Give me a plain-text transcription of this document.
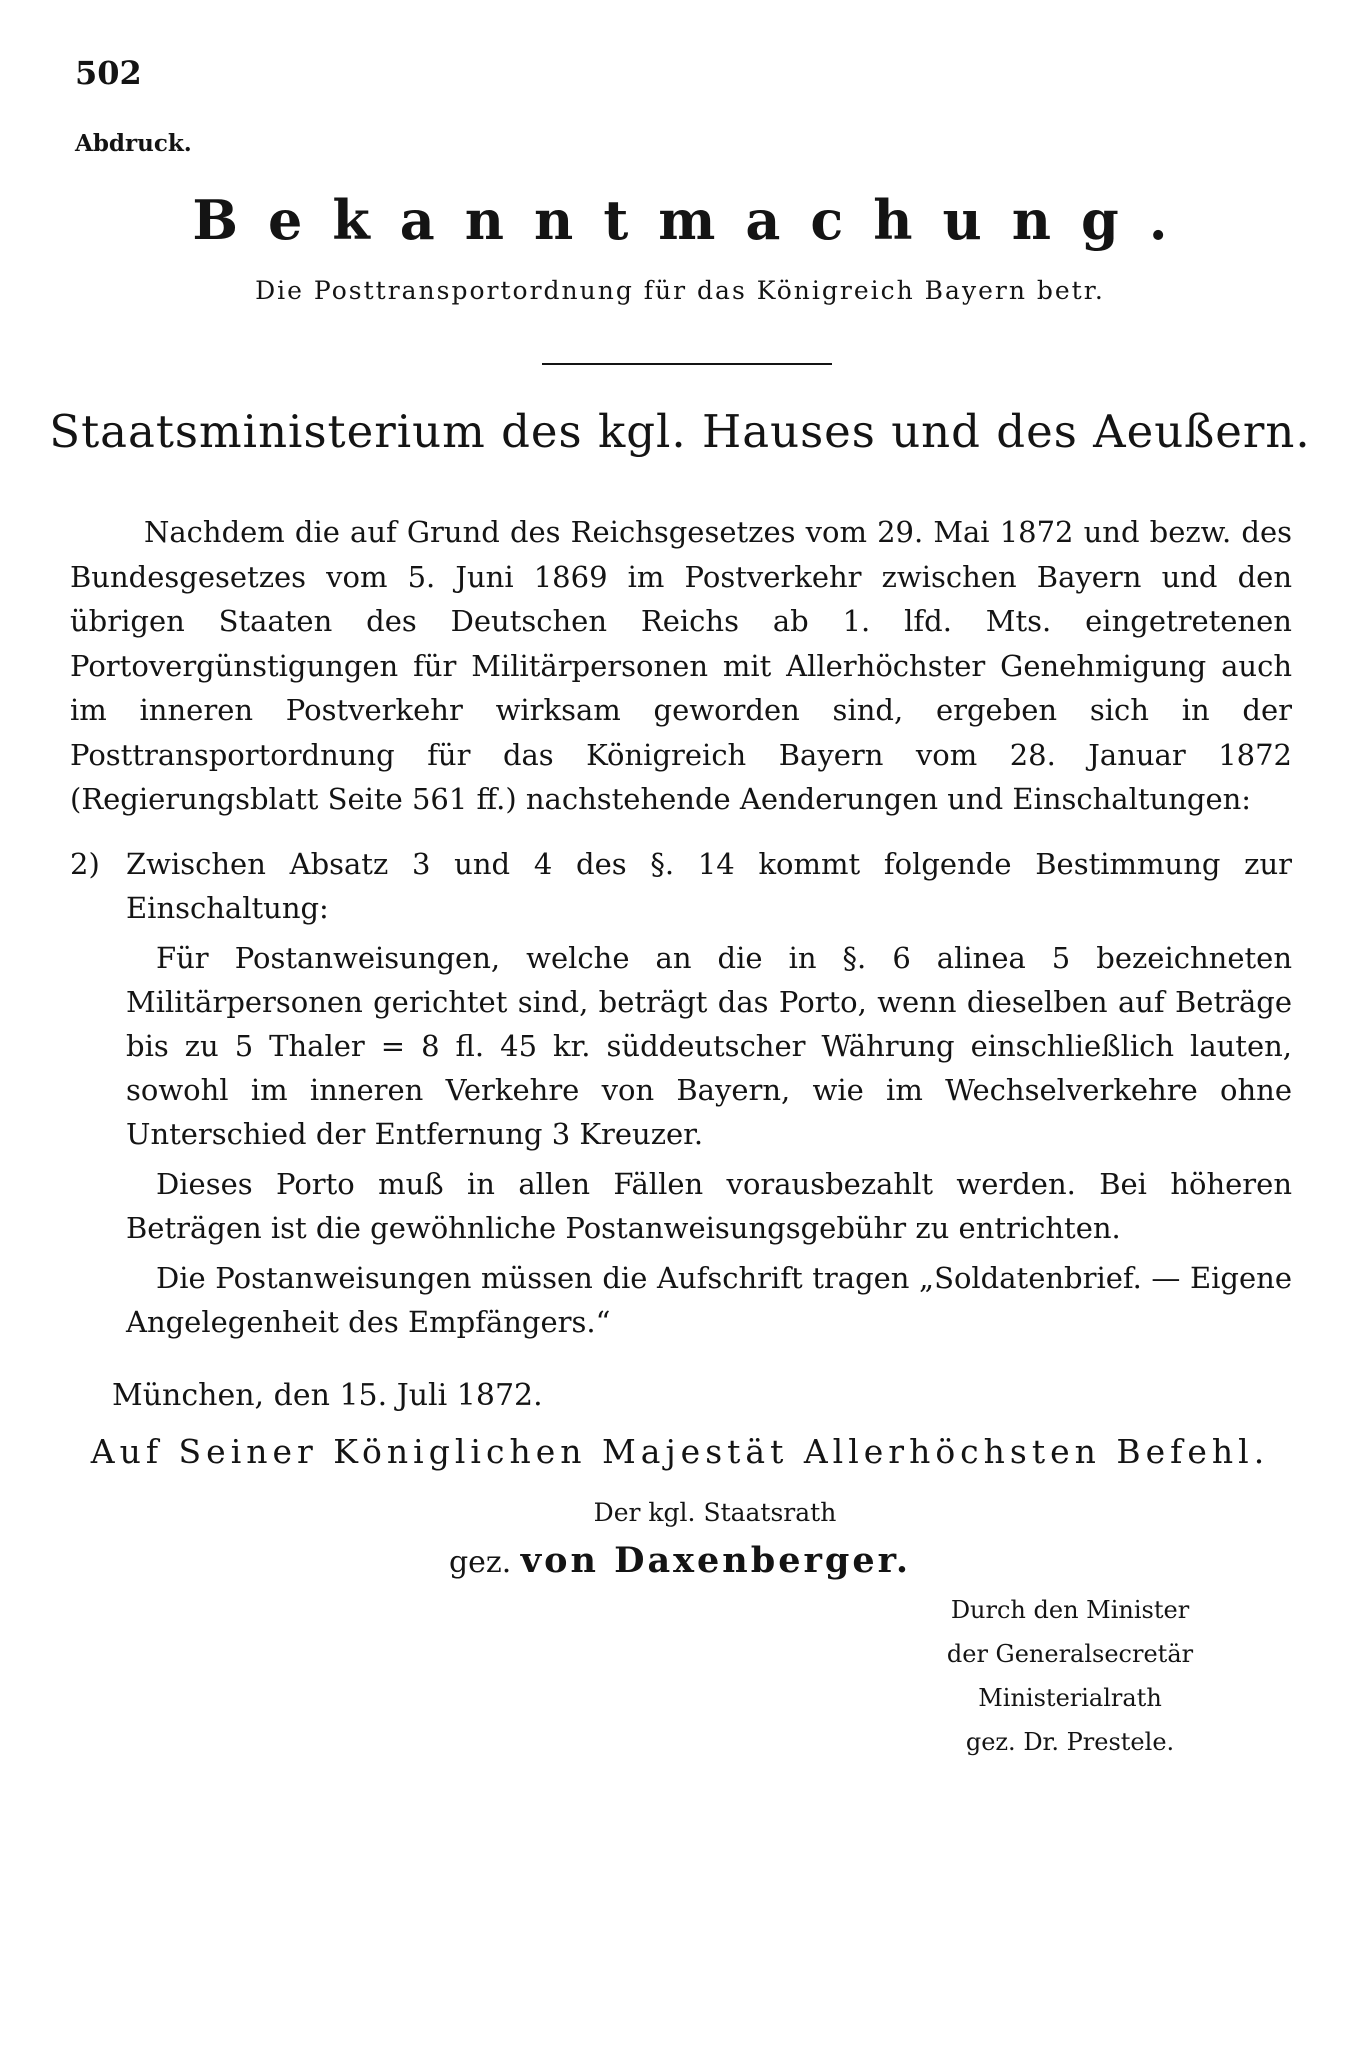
502
Abdruck.
Bekanntmachung.
Die Posttransportordnung für das Königreich Bayern betr.
Staatsministerium des kgl. Hauses und des Aeußern.

Nachdem die auf Grund des Reichsgesetzes vom 29. Mai 1872 und bezw. des Bundesgesetzes vom 5. Juni 1869 im Postverkehr zwischen Bayern und den übrigen Staaten des Deutschen Reichs ab 1. lfd. Mts. eingetretenen Portovergünstigungen für Militärpersonen mit Allerhöchster Genehmigung auch im inneren Postverkehr wirksam geworden sind, ergeben sich in der Posttransportordnung für das Königreich Bayern vom 28. Januar 1872 (Regierungsblatt Seite 561 ff.) nachstehende Aenderungen und Einschaltungen:

2) Zwischen Absatz 3 und 4 des §. 14 kommt folgende Bestimmung zur Einschaltung:

Für Postanweisungen, welche an die in §. 6 alinea 5 bezeichneten Militärpersonen gerichtet sind, beträgt das Porto, wenn dieselben auf Beträge bis zu 5 Thaler = 8 fl. 45 kr. süddeutscher Währung einschließlich lauten, sowohl im inneren Verkehre von Bayern, wie im Wechselverkehre ohne Unterschied der Entfernung 3 Kreuzer.

Dieses Porto muß in allen Fällen vorausbezahlt werden. Bei höheren Beträgen ist die gewöhnliche Postanweisungsgebühr zu entrichten.

Die Postanweisungen müssen die Aufschrift tragen „Soldatenbrief. — Eigene Angelegenheit des Empfängers.“

München, den 15. Juli 1872.
Auf Seiner Königlichen Majestät Allerhöchsten Befehl.
Der kgl. Staatsrath
gez. von Daxenberger.
Durch den Minister
der Generalsecretär
Ministerialrath
gez. Dr. Prestele.
